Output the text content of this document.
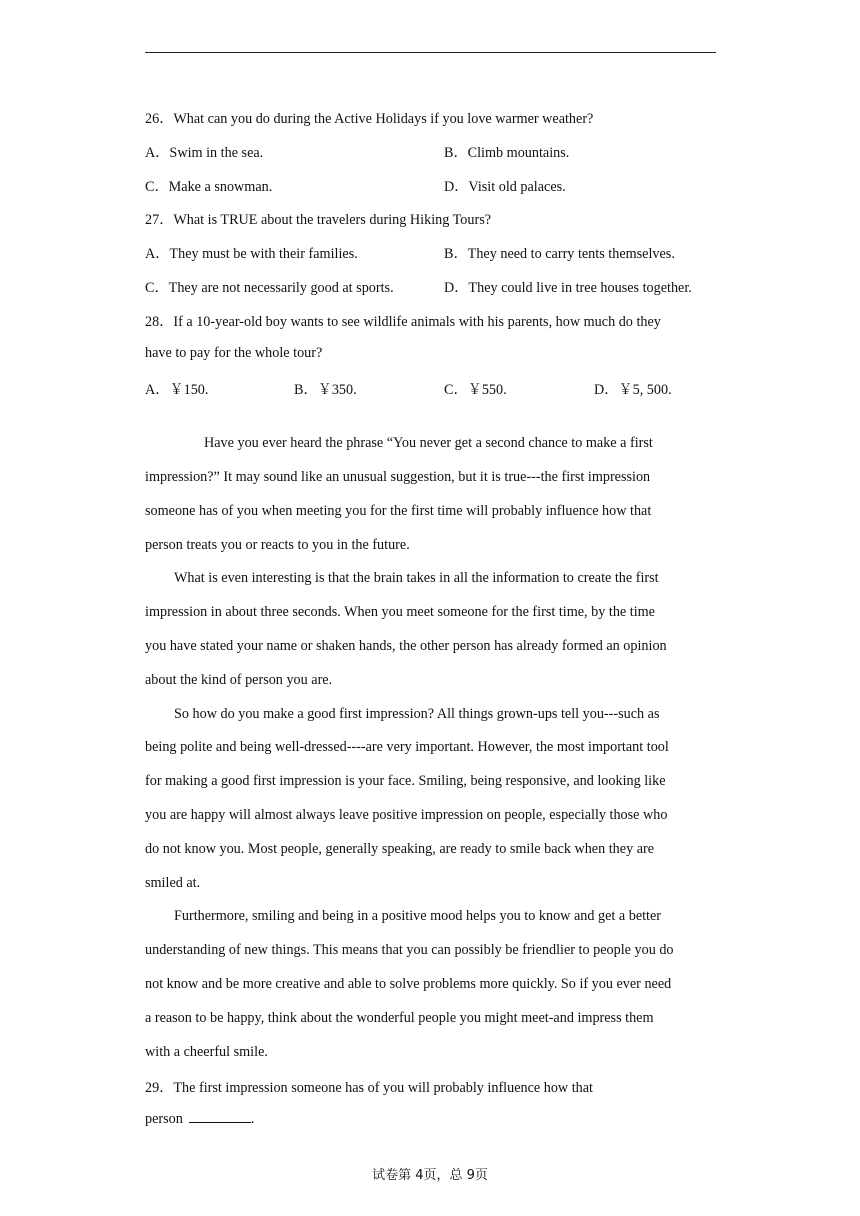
26．What can you do during the Active Holidays if you love warmer weather?
A．Swim in the sea.	B．Climb mountains.
C．Make a snowman.	D．Visit old palaces.
27．What is TRUE about the travelers during Hiking Tours?
A．They must be with their families.	B．They need to carry tents themselves.
C．They are not necessarily good at sports.	D．They could live in tree houses together.
28．If a 10-year-old boy wants to see wildlife animals with his parents, how much do they
have to pay for the whole tour?
A．￥150.	B．￥350.	C．￥550.	D．￥5, 500.
Have you ever heard the phrase “You never get a second chance to make a first
impression?” It may sound like an unusual suggestion, but it is true---the first impression
someone has of you when meeting you for the first time will probably influence how that
person treats you or reacts to you in the future.
What is even interesting is that the brain takes in all the information to create the first
impression in about three seconds. When you meet someone for the first time, by the time
you have stated your name or shaken hands, the other person has already formed an opinion
about the kind of person you are.
So how do you make a good first impression? All things grown-ups tell you---such as
being polite and being well-dressed----are very important. However, the most important tool
for making a good first impression is your face. Smiling, being responsive, and looking like
you are happy will almost always leave positive impression on people, especially those who
do not know you. Most people, generally speaking, are ready to smile back when they are
smiled at.
Furthermore, smiling and being in a positive mood helps you to know and get a better
understanding of new things. This means that you can possibly be friendlier to people you do
not know and be more creative and able to solve problems more quickly. So if you ever need
a reason to be happy, think about the wonderful people you might meet-and impress them
with a cheerful smile.
29．The first impression someone has of you will probably influence how that
person	.
试卷第 4页，总 9页
